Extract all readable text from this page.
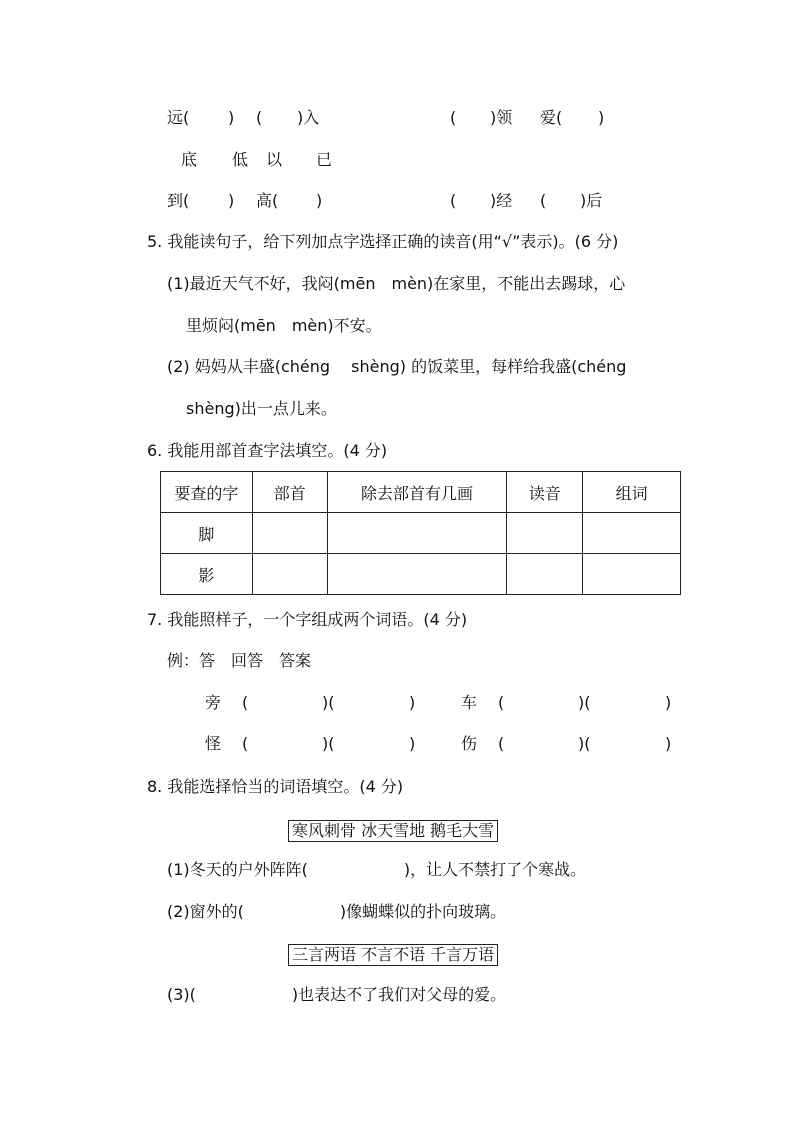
远( ) ( )入	( )领 爱( )
底 低 以 已
到( ) 高( )	( )经 ( )后
5. 我能读句子，给下列加点字选择正确的读音(用“√”表示)。(6 分)
(1)最近天气不好，我闷(mēn　mèn)在家里，不能出去踢球，心
里烦闷(mēn　mèn)不安。
(2) 妈妈从丰盛(chéng　 shèng) 的饭菜里，每样给我盛(chéng
shèng)出一点儿来。
6. 我能用部首查字法填空。(4 分)
要查的字	部首	除去部首有几画	读音	组词
脚				
影				
7. 我能照样子，一个字组成两个词语。(4 分)
例：答　回答　答案
旁 (	)(	)	车 (	)(	)
怪 (	)(	)	伤 (	)(	)
8. 我能选择恰当的词语填空。(4 分)
寒风刺骨 冰天雪地 鹅毛大雪
(1)冬天的户外阵阵(　　　　　　)，让人不禁打了个寒战。
(2)窗外的(　　　　　　)像蝴蝶似的扑向玻璃。
三言两语 不言不语 千言万语
(3)(　　　　　　)也表达不了我们对父母的爱。
